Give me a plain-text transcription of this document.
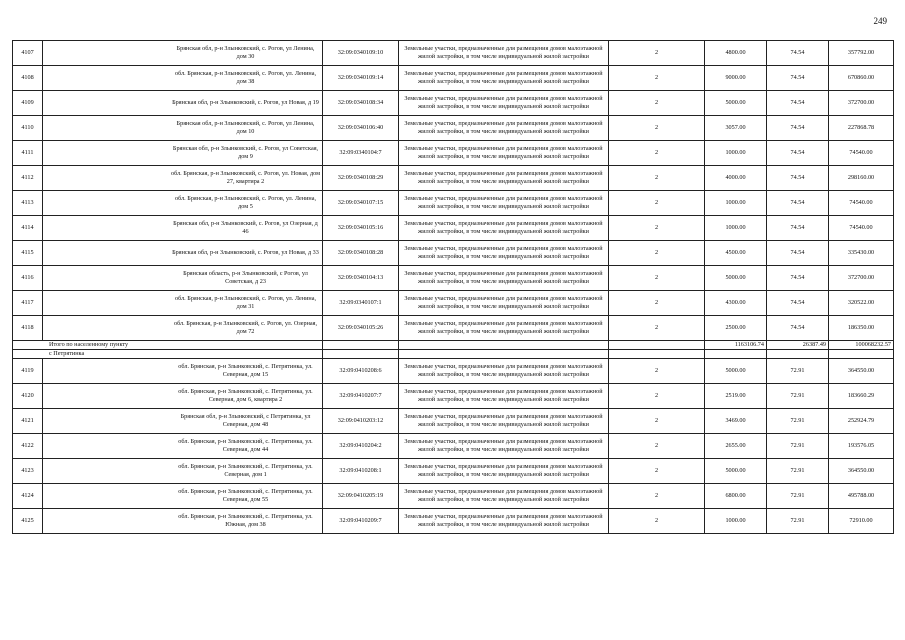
249
4107	Брянская обл, р-н Злынковский, с. Рогов, ул Ленина, дом 30	32:09:0340109:10	Земельные участки, предназначенные для размещения домов малоэтажной жилой застройки, в том числе индивидуальной жилой застройки	2	4800.00	74.54	357792.00
4108	обл. Брянская, р-н Злынковский, с. Рогов, ул. Ленина, дом 38	32:09:0340109:14	Земельные участки, предназначенные для размещения домов малоэтажной жилой застройки, в том числе индивидуальной жилой застройки	2	9000.00	74.54	670860.00
4109	Брянская обл, р-н Злынковский, с. Рогов, ул Новая, д 19	32:09:0340108:34	Земельные участки, предназначенные для размещения домов малоэтажной жилой застройки, в том числе индивидуальной жилой застройки	2	5000.00	74.54	372700.00
4110	Брянская обл, р-н Злынковский, с. Рогов, ул Ленина, дом 10	32:09:0340106:40	Земельные участки, предназначенные для размещения домов малоэтажной жилой застройки, в том числе индивидуальной жилой застройки	2	3057.00	74.54	227868.78
4111	Брянская обл, р-н Злынковский, с. Рогов, ул Советская, дом 9	32:09:0340104:7	Земельные участки, предназначенные для размещения домов малоэтажной жилой застройки, в том числе индивидуальной жилой застройки	2	1000.00	74.54	74540.00
4112	обл. Брянская, р-н Злынковский, с. Рогов, ул. Новая, дом 27, квартира 2	32:09:0340108:29	Земельные участки, предназначенные для размещения домов малоэтажной жилой застройки, в том числе индивидуальной жилой застройки	2	4000.00	74.54	298160.00
4113	обл. Брянская, р-н Злынковский, с. Рогов, ул. Ленина, дом 5	32:09:0340107:15	Земельные участки, предназначенные для размещения домов малоэтажной жилой застройки, в том числе индивидуальной жилой застройки	2	1000.00	74.54	74540.00
4114	Брянская обл, р-н Злынковский, с. Рогов, ул Озерная, д 46	32:09:0340105:16	Земельные участки, предназначенные для размещения домов малоэтажной жилой застройки, в том числе индивидуальной жилой застройки	2	1000.00	74.54	74540.00
4115	Брянская обл, р-н Злынковский, с. Рогов, ул Новая, д 33	32:09:0340108:28	Земельные участки, предназначенные для размещения домов малоэтажной жилой застройки, в том числе индивидуальной жилой застройки	2	4500.00	74.54	335430.00
4116	Брянская область, р-н Злынковский, с Рогов, ул Советская, д 23	32:09:0340104:13	Земельные участки, предназначенные для размещения домов малоэтажной жилой застройки, в том числе индивидуальной жилой застройки	2	5000.00	74.54	372700.00
4117	обл. Брянская, р-н Злынковский, с. Рогов, ул. Ленина, дом 31	32:09:0340107:1	Земельные участки, предназначенные для размещения домов малоэтажной жилой застройки, в том числе индивидуальной жилой застройки	2	4300.00	74.54	320522.00
4118	обл. Брянская, р-н Злынковский, с. Рогов, ул. Озерная, дом 72	32:09:0340105:26	Земельные участки, предназначенные для размещения домов малоэтажной жилой застройки, в том числе индивидуальной жилой застройки	2	2500.00	74.54	186350.00
Итого по населенному пункту					1163106.74	26387.49	100068232.57
с Петрятинка							
4119	обл. Брянская, р-н Злынковский, с. Петрятинка, ул. Северная, дом 15	32:09:0410208:6	Земельные участки, предназначенные для размещения домов малоэтажной жилой застройки, в том числе индивидуальной жилой застройки	2	5000.00	72.91	364550.00
4120	обл. Брянская, р-н Злынковский, с. Петрятинка, ул. Северная, дом 6, квартира 2	32:09:0410207:7	Земельные участки, предназначенные для размещения домов малоэтажной жилой застройки, в том числе индивидуальной жилой застройки	2	2519.00	72.91	183660.29
4121	Брянская обл, р-н Злынковский, с Петрятинка, ул Северная, дом 48	32:09:0410203:12	Земельные участки, предназначенные для размещения домов малоэтажной жилой застройки, в том числе индивидуальной жилой застройки	2	3469.00	72.91	252924.79
4122	обл. Брянская, р-н Злынковский, с. Петрятинка, ул. Северная, дом 44	32:09:0410204:2	Земельные участки, предназначенные для размещения домов малоэтажной жилой застройки, в том числе индивидуальной жилой застройки	2	2655.00	72.91	193576.05
4123	обл. Брянская, р-н Злынковский, с. Петрятинка, ул. Северная, дом 1	32:09:0410208:1	Земельные участки, предназначенные для размещения домов малоэтажной жилой застройки, в том числе индивидуальной жилой застройки	2	5000.00	72.91	364550.00
4124	обл. Брянская, р-н Злынковский, с. Петрятинка, ул. Северная, дом 55	32:09:0410205:19	Земельные участки, предназначенные для размещения домов малоэтажной жилой застройки, в том числе индивидуальной жилой застройки	2	6800.00	72.91	495788.00
4125	обл. Брянская, р-н Злынковский, с. Петрятинка, ул. Южная, дом 38	32:09:0410209:7	Земельные участки, предназначенные для размещения домов малоэтажной жилой застройки, в том числе индивидуальной жилой застройки	2	1000.00	72.91	72910.00
